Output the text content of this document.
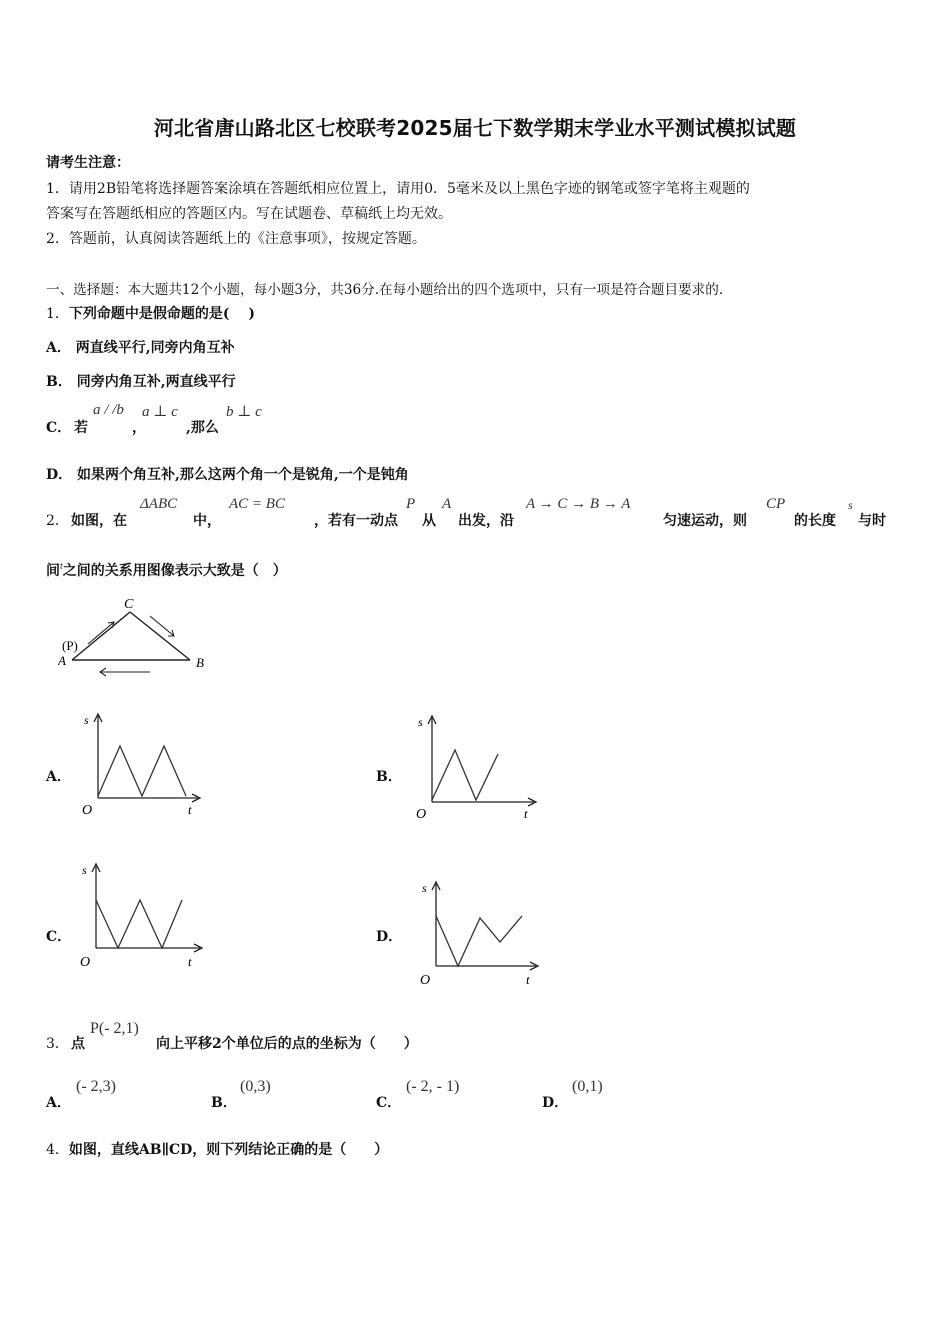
河北省唐山路北区七校联考2025届七下数学期末学业水平测试模拟试题
请考生注意：
1．请用2B铅笔将选择题答案涂填在答题纸相应位置上，请用0．5毫米及以上黑色字迹的钢笔或签字笔将主观题的
答案写在答题纸相应的答题区内。写在试题卷、草稿纸上均无效。
2．答题前，认真阅读答题纸上的《注意事项》，按规定答题。
一、选择题：本大题共12个小题，每小题3分，共36分.在每小题给出的四个选项中，只有一项是符合题目要求的.
1．下列命题中是假命题的是(　 )
A． 两直线平行,同旁内角互补
B． 同旁内角互补,两直线平行
C． 若
a / /b
，
a ⊥ c
,那么
b ⊥ c
D． 如果两个角互补,那么这两个角一个是锐角,一个是钝角
2． 如图，在
ΔABC
中，
AC = BC
，若有一动点
P
从
A
出发，沿
A → C → B → A
匀速运动，则
CP
的长度
s
与时
间$^t$之间的关系用图像表示大致是（　）
C
A	B
(P)
A．
s
O	t
B．
s
O	t
C．
s
O	t
D．
s
O	t
3． 点
P(- 2,1)
向上平移2个单位后的点的坐标为（　　）
A．
(- 2,3)
B．
(0,3)
C．
(- 2, - 1)
D．
(0,1)
4．如图，直线AB∥CD，则下列结论正确的是（　　）
